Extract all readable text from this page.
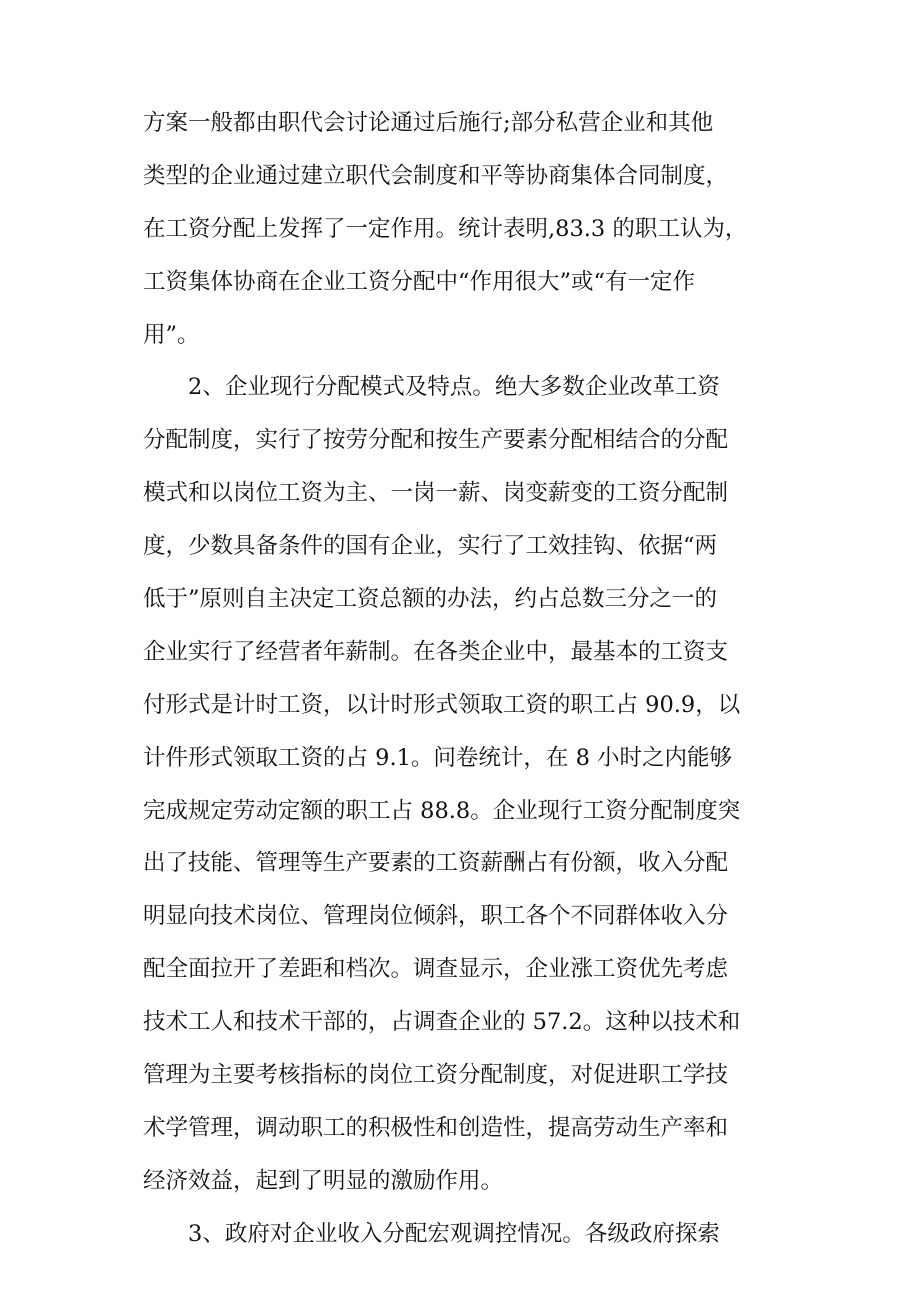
方案一般都由职代会讨论通过后施行;部分私营企业和其他
类型的企业通过建立职代会制度和平等协商集体合同制度，
在工资分配上发挥了一定作用。统计表明,83.3 的职工认为，
工资集体协商在企业工资分配中“作用很大”或“有一定作
用”。
2、企业现行分配模式及特点。绝大多数企业改革工资
分配制度，实行了按劳分配和按生产要素分配相结合的分配
模式和以岗位工资为主、一岗一薪、岗变薪变的工资分配制
度，少数具备条件的国有企业，实行了工效挂钩、依据“两
低于”原则自主决定工资总额的办法，约占总数三分之一的
企业实行了经营者年薪制。在各类企业中，最基本的工资支
付形式是计时工资，以计时形式领取工资的职工占 90.9，以
计件形式领取工资的占 9.1。问卷统计，在 8 小时之内能够
完成规定劳动定额的职工占 88.8。企业现行工资分配制度突
出了技能、管理等生产要素的工资薪酬占有份额，收入分配
明显向技术岗位、管理岗位倾斜，职工各个不同群体收入分
配全面拉开了差距和档次。调查显示，企业涨工资优先考虑
技术工人和技术干部的，占调查企业的 57.2。这种以技术和
管理为主要考核指标的岗位工资分配制度，对促进职工学技
术学管理，调动职工的积极性和创造性，提高劳动生产率和
经济效益，起到了明显的激励作用。
3、政府对企业收入分配宏观调控情况。各级政府探索
